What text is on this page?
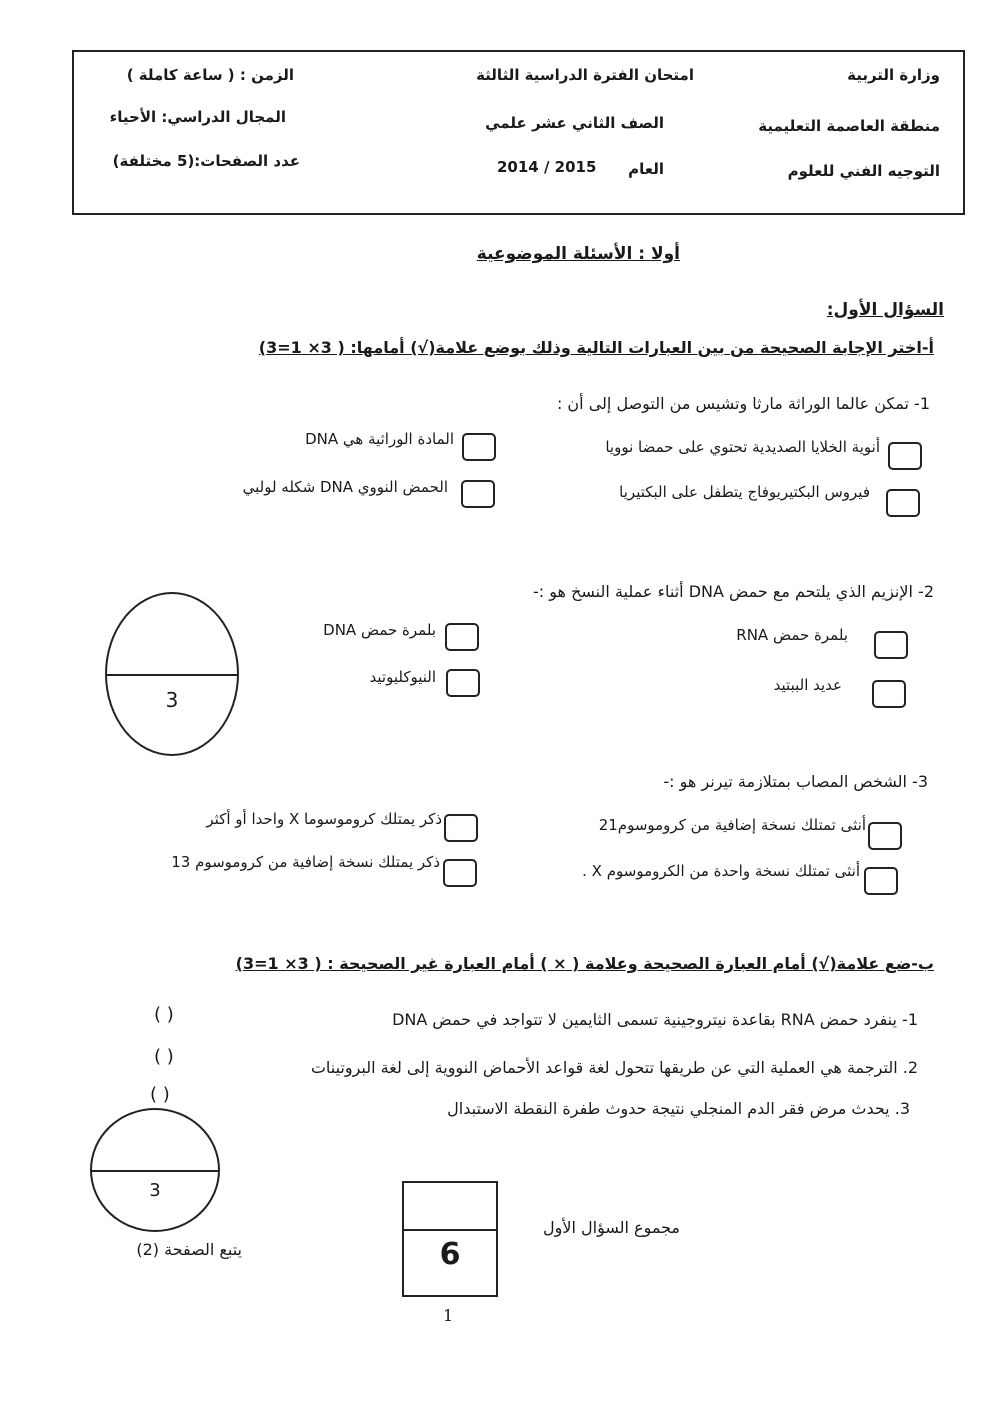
وزارة التربية
منطقة العاصمة التعليمية
التوجيه الفني للعلوم
امتحان الفترة الدراسية الثالثة
الصف الثاني عشر علمي
العام
2014 / 2015
الزمن : ( ساعة كاملة )
المجال الدراسي: الأحياء
عدد الصفحات:(5 مختلفة)
أولا : الأسئلة الموضوعية
السؤال الأول:
أ-اختر الإجابة الصحيحة من بين العبارات التالية وذلك بوضع علامة(√) أمامها: ( 3× 1=3)
1- تمكن عالما الوراثة مارثا وتشيس من التوصل إلى أن :
أنوية الخلايا الصديدية تحتوي على حمضا نوويا
المادة الوراثية هي DNA
فيروس البكتيريوفاج يتطفل على البكتيريا
الحمض النووي DNA شكله لولبي
2- الإنزيم الذي يلتحم مع حمض DNA أثناء عملية النسخ هو :-
بلمرة حمض RNA
بلمرة حمض DNA
عديد الببتيد
النيوكليوتيد
3
3- الشخص المصاب بمتلازمة تيرنر هو :-
أنثى تمتلك نسخة إضافية من كروموسوم21
ذكر يمتلك كروموسوما X واحدا أو أكثر
أنثى تمتلك نسخة واحدة من الكروموسوم X .
ذكر يمتلك نسخة إضافية من كروموسوم 13
ب-ضع علامة(√) أمام العبارة الصحيحة وعلامة ( × ) أمام العبارة غير الصحيحة : ( 3× 1=3)
1- ينفرد حمض RNA بقاعدة نيتروجينية تسمى الثايمين لا تتواجد في حمض DNA
( )
2. الترجمة هي العملية التي عن طريقها تتحول لغة قواعد الأحماض النووية إلى لغة البروتينات
( )
3. يحدث مرض فقر الدم المنجلي نتيجة حدوث طفرة النقطة الاستبدال
( )
3
6
مجموع السؤال الأول
يتبع الصفحة (2)
1
